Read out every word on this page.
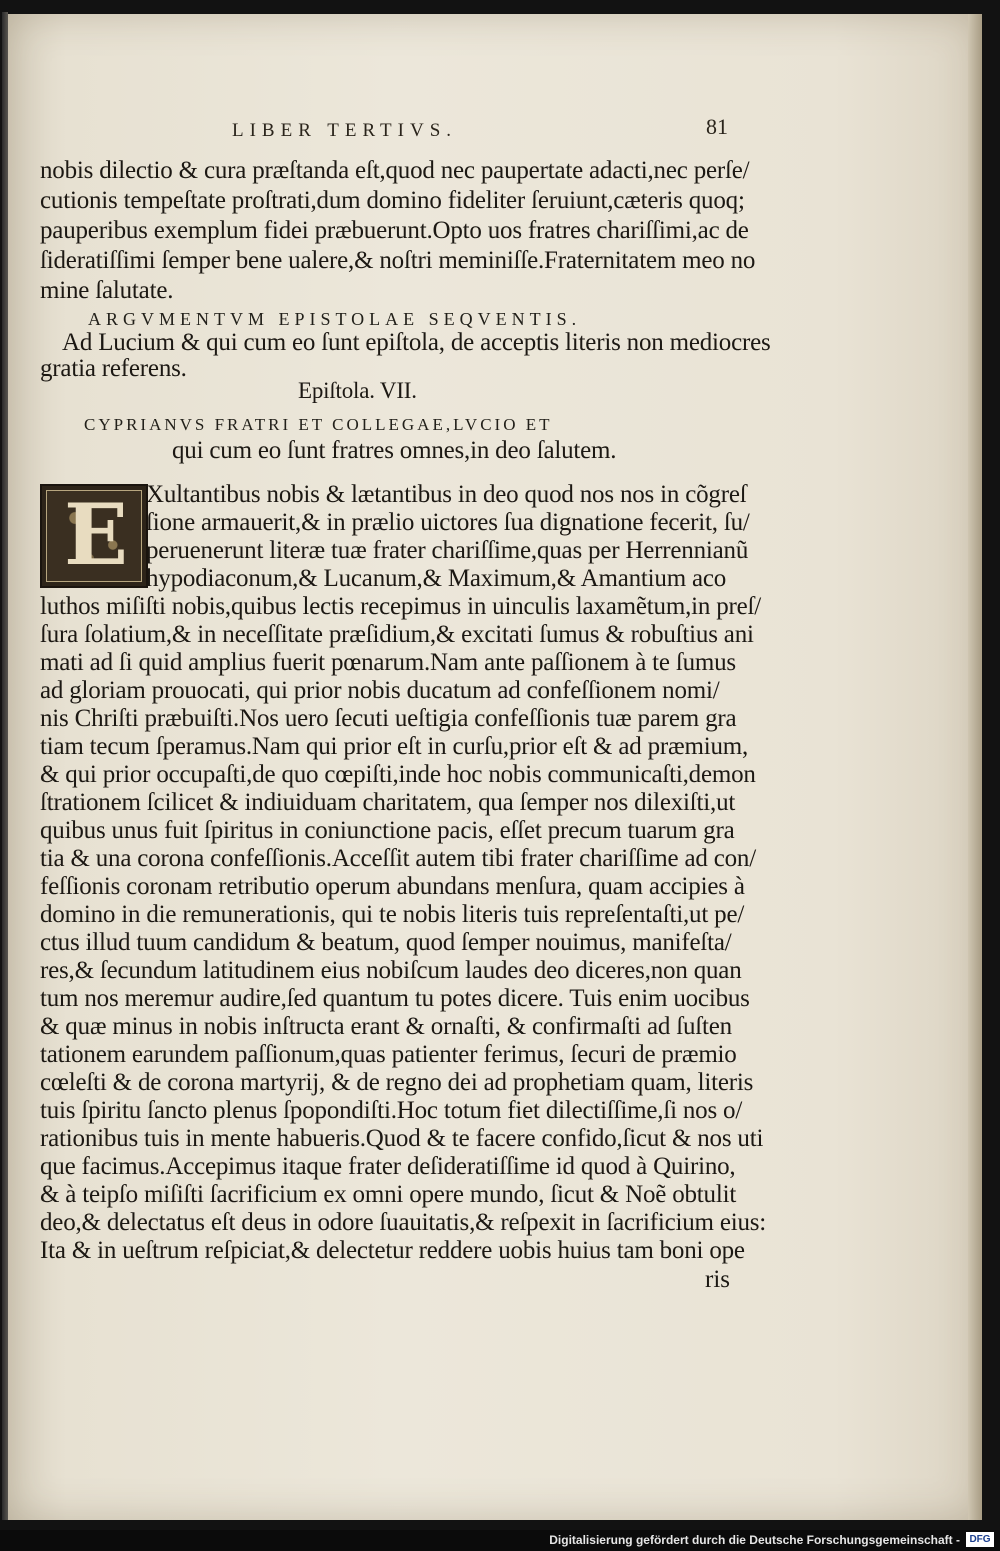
LIBER TERTIVS.	81
nobis dilectio & cura præſtanda eſt,quod nec paupertate adacti,nec perſe/
cutionis tempeſtate proſtrati,dum domino fideliter ſeruiunt,cæteris quoq;
pauperibus exemplum fidei præbuerunt.Opto uos fratres chariſſimi,ac de
ſideratiſſimi ſemper bene ualere,& noſtri meminiſſe.Fraternitatem meo no
mine ſalutate.
ARGVMENTVM EPISTOLAE SEQVENTIS.
Ad Lucium & qui cum eo ſunt epiſtola, de acceptis literis non mediocres
gratia referens.
Epiſtola. VII.
CYPRIANVS FRATRI ET COLLEGAE,LVCIO ET
qui cum eo ſunt fratres omnes,in deo ſalutem.
E Xultantibus nobis & lætantibus in deo quod nos nos in cõgreſ
ſione armauerit,& in prælio uictores ſua dignatione fecerit, ſu/
peruenerunt literæ tuæ frater chariſſime,quas per Herrennianũ
hypodiaconum,& Lucanum,& Maximum,& Amantium aco
luthos miſiſti nobis,quibus lectis recepimus in uinculis laxamẽtum,in preſ/
ſura ſolatium,& in neceſſitate præſidium,& excitati ſumus & robuſtius ani
mati ad ſi quid amplius fuerit pœnarum.Nam ante paſſionem à te ſumus
ad gloriam prouocati, qui prior nobis ducatum ad confeſſionem nomi/
nis Chriſti præbuiſti.Nos uero ſecuti ueſtigia confeſſionis tuæ parem gra
tiam tecum ſperamus.Nam qui prior eſt in curſu,prior eſt & ad præmium,
& qui prior occupaſti,de quo cœpiſti,inde hoc nobis communicaſti,demon
ſtrationem ſcilicet & indiuiduam charitatem, qua ſemper nos dilexiſti,ut
quibus unus fuit ſpiritus in coniunctione pacis, eſſet precum tuarum gra
tia & una corona confeſſionis.Acceſſit autem tibi frater chariſſime ad con/
feſſionis coronam retributio operum abundans menſura, quam accipies à
domino in die remunerationis, qui te nobis literis tuis repreſentaſti,ut pe/
ctus illud tuum candidum & beatum, quod ſemper nouimus, manifeſta/
res,& ſecundum latitudinem eius nobiſcum laudes deo diceres,non quan
tum nos meremur audire,ſed quantum tu potes dicere. Tuis enim uocibus
& quæ minus in nobis inſtructa erant & ornaſti, & confirmaſti ad ſuſten
tationem earundem paſſionum,quas patienter ferimus, ſecuri de præmio
cœleſti & de corona martyrij, & de regno dei ad prophetiam quam, literis
tuis ſpiritu ſancto plenus ſpopondiſti.Hoc totum fiet dilectiſſime,ſi nos o/
rationibus tuis in mente habueris.Quod & te facere confido,ſicut & nos uti
que facimus.Accepimus itaque frater deſideratiſſime id quod à Quirino,
& à teipſo miſiſti ſacrificium ex omni opere mundo, ſicut & Noẽ obtulit
deo,& delectatus eſt deus in odore ſuauitatis,& reſpexit in ſacrificium eius:
Ita & in ueſtrum reſpiciat,& delectetur reddere uobis huius tam boni ope
ris
Digitalisierung gefördert durch die Deutsche Forschungsgemeinschaft - DFG
